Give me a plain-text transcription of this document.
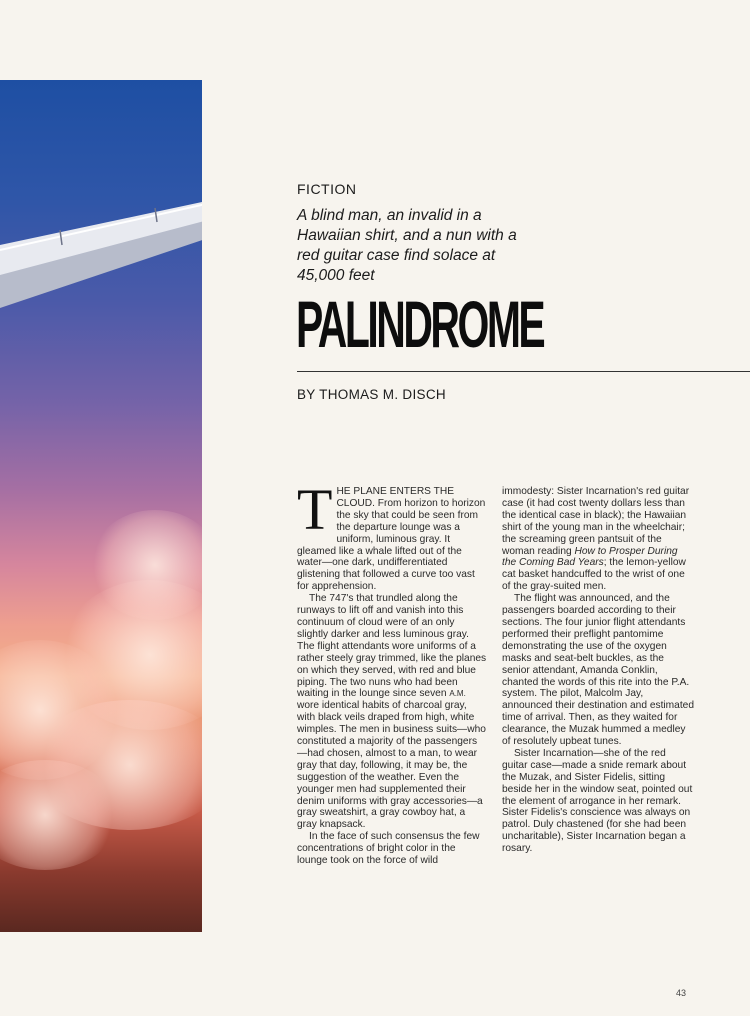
FICTION
A blind man, an invalid in a Hawaiian shirt, and a nun with a red guitar case find solace at 45,000 feet
PALINDROME
BY THOMAS M. DISCH

THE PLANE ENTERS THE CLOUD. From horizon to horizon the sky that could be seen from the departure lounge was a uniform, luminous gray. It gleamed like a whale lifted out of the water—one dark, undifferentiated glistening that followed a curve too vast for apprehension.

The 747's that trundled along the runways to lift off and vanish into this continuum of cloud were of an only slightly darker and less luminous gray. The flight attendants wore uniforms of a rather steely gray trimmed, like the planes on which they served, with red and blue piping. The two nuns who had been waiting in the lounge since seven A.M. wore identical habits of charcoal gray, with black veils draped from high, white wimples. The men in business suits—who constituted a majority of the passengers—had chosen, almost to a man, to wear gray that day, following, it may be, the suggestion of the weather. Even the younger men had supplemented their denim uniforms with gray accessories—a gray sweatshirt, a gray cowboy hat, a gray knapsack.

In the face of such consensus the few concentrations of bright color in the lounge took on the force of wild

immodesty: Sister Incarnation's red guitar case (it had cost twenty dollars less than the identical case in black); the Hawaiian shirt of the young man in the wheelchair; the screaming green pantsuit of the woman reading How to Prosper During the Coming Bad Years; the lemon-yellow cat basket handcuffed to the wrist of one of the gray-suited men.

The flight was announced, and the passengers boarded according to their sections. The four junior flight attendants performed their preflight pantomime demonstrating the use of the oxygen masks and seat-belt buckles, as the senior attendant, Amanda Conklin, chanted the words of this rite into the P.A. system. The pilot, Malcolm Jay, announced their destination and estimated time of arrival. Then, as they waited for clearance, the Muzak hummed a medley of resolutely upbeat tunes.

Sister Incarnation—she of the red guitar case—made a snide remark about the Muzak, and Sister Fidelis, sitting beside her in the window seat, pointed out the element of arrogance in her remark. Sister Fidelis's conscience was always on patrol. Duly chastened (for she had been uncharitable), Sister Incarnation began a rosary.

43
